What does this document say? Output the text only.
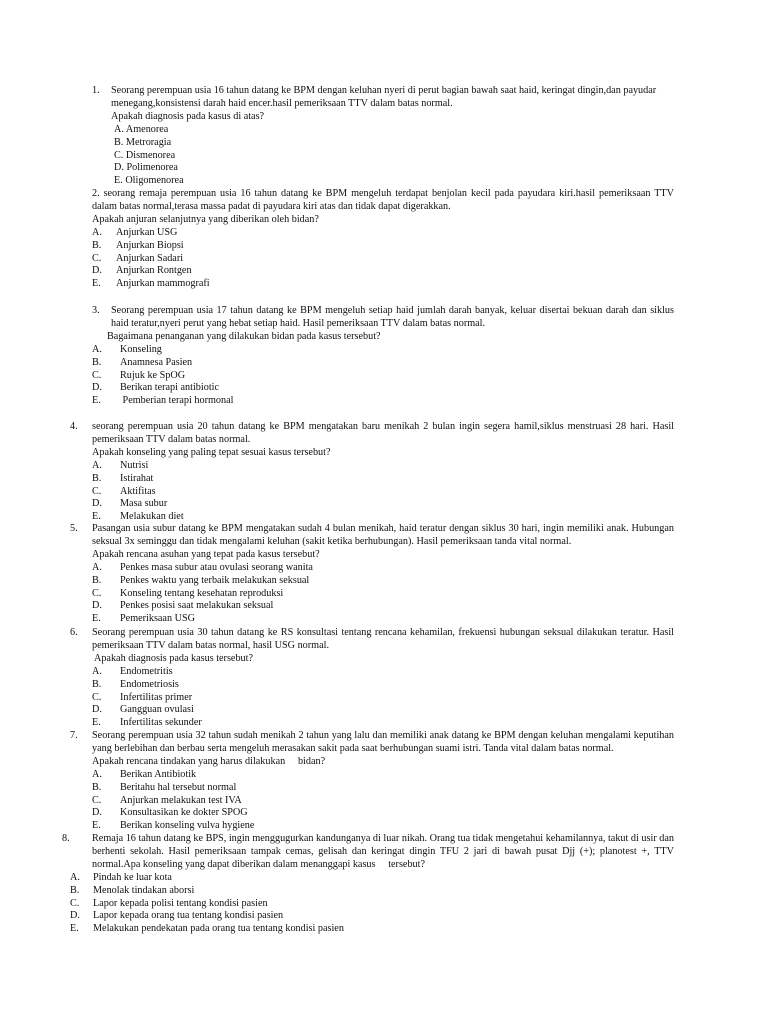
1.	Seorang perempuan usia 16 tahun datang ke BPM dengan keluhan nyeri di perut bagian bawah saat haid, keringat dingin,dan payudar menegang,konsistensi darah haid encer.hasil pemeriksaan TTV dalam batas normal.

Apakah diagnosis pada kasus di atas?

A. Amenorea
B. Metroragia
C. Dismenorea
D. Polimenorea
E. Oligomenorea

2. seorang remaja perempuan usia 16 tahun datang ke BPM mengeluh terdapat benjolan kecil pada payudara kiri.hasil pemeriksaan TTV dalam batas normal,terasa massa padat di payudara kiri atas dan tidak dapat digerakkan.

Apakah anjuran selanjutnya yang diberikan oleh bidan?

A.	Anjurkan USG
B.	Anjurkan Biopsi
C.	Anjurkan Sadari
D.	Anjurkan Rontgen
E.	Anjurkan mammografi
3.	Seorang perempuan usia 17 tahun datang ke BPM mengeluh setiap haid jumlah darah banyak, keluar disertai bekuan darah dan siklus haid teratur,nyeri perut yang hebat setiap haid. Hasil pemeriksaan TTV dalam batas normal.

Bagaimana penanganan yang dilakukan bidan pada kasus tersebut?

A.	Konseling
B.	Anamnesa Pasien
C.	Rujuk ke SpOG
D.	Berikan terapi antibiotic
E.	Pemberian terapi hormonal
4.	seorang perempuan usia 20 tahun datang ke BPM mengatakan baru menikah 2 bulan ingin segera hamil,siklus menstruasi 28 hari. Hasil pemeriksaan TTV dalam batas normal.

Apakah konseling yang paling tepat sesuai kasus tersebut?

A.	Nutrisi
B.	Istirahat
C.	Aktifitas
D.	Masa subur
E.	Melakukan diet
5.	Pasangan usia subur datang ke BPM mengatakan sudah 4 bulan menikah, haid teratur dengan siklus 30 hari, ingin memiliki anak. Hubungan seksual 3x seminggu dan tidak mengalami keluhan (sakit ketika berhubungan). Hasil pemeriksaan tanda vital normal.

Apakah rencana asuhan yang tepat pada kasus tersebut?

A.	Penkes masa subur atau ovulasi seorang wanita
B.	Penkes waktu yang terbaik melakukan seksual
C.	Konseling tentang kesehatan reproduksi
D.	Penkes posisi saat melakukan seksual
E.	Pemeriksaan USG
6.	Seorang perempuan usia 30 tahun datang ke RS konsultasi tentang rencana kehamilan, frekuensi hubungan seksual dilakukan teratur. Hasil pemeriksaan TTV dalam batas normal, hasil USG normal.

Apakah diagnosis pada kasus tersebut?

A.	Endometritis
B.	Endometriosis
C.	Infertilitas primer
D.	Gangguan ovulasi
E.	Infertilitas sekunder
7.	Seorang perempuan usia 32 tahun sudah menikah 2 tahun yang lalu dan memiliki anak datang ke BPM dengan keluhan mengalami keputihan yang berlebihan dan berbau serta mengeluh merasakan sakit pada saat berhubungan suami istri. Tanda vital dalam batas normal.

Apakah rencana tindakan yang harus dilakukan     bidan?

A.	Berikan Antibiotik
B.	Beritahu hal tersebut normal
C.	Anjurkan melakukan test IVA
D.	Konsultasikan ke dokter SPOG
E.	Berikan konseling vulva hygiene
8.	Remaja 16 tahun datang ke BPS, ingin menggugurkan kandunganya di luar nikah. Orang tua tidak mengetahui kehamilannya, takut di usir dan berhenti sekolah. Hasil pemeriksaan tampak cemas, gelisah dan keringat dingin TFU 2 jari di bawah pusat Djj (+); planotest +, TTV normal.Apa konseling yang dapat diberikan dalam menanggapi kasus     tersebut?

A.	Pindah ke luar kota
B.	Menolak tindakan aborsi
C.	Lapor kepada polisi tentang kondisi pasien
D.	Lapor kepada orang tua tentang kondisi pasien
E.	Melakukan pendekatan pada orang tua tentang kondisi pasien
